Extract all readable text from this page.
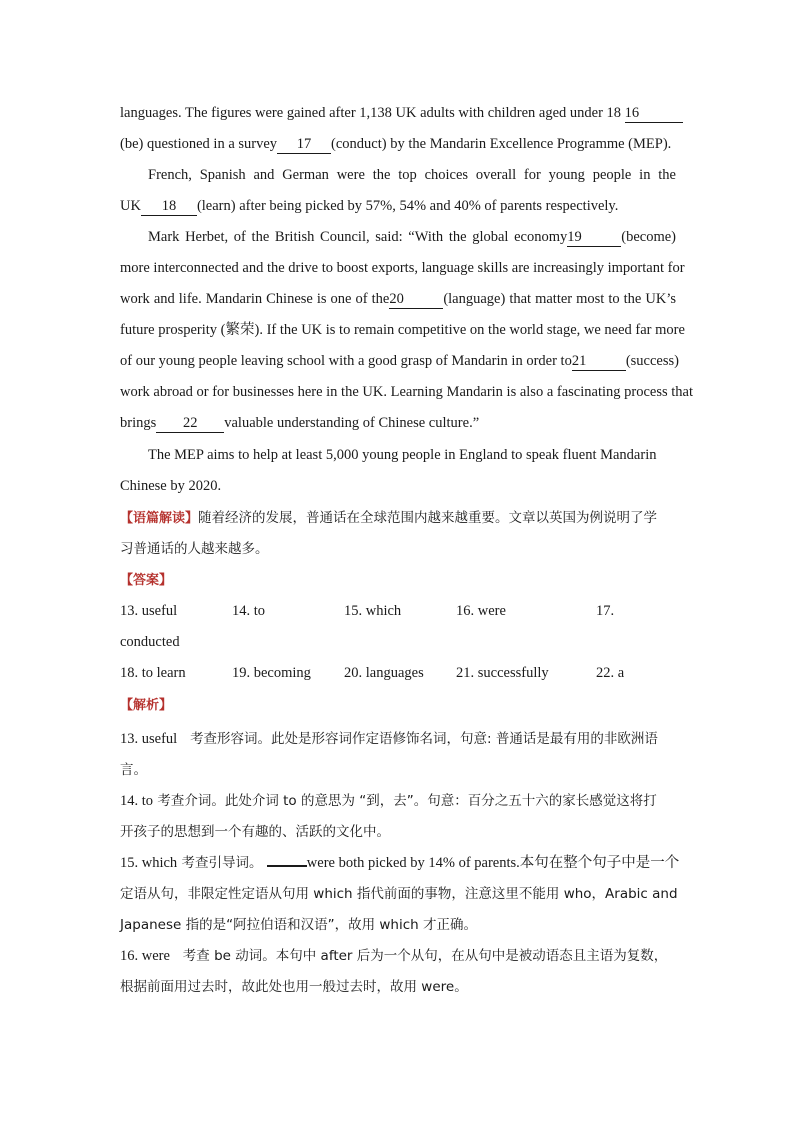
languages. The figures were gained after 1,138 UK adults with children aged under 18 16
(be) questioned in a survey 17 (conduct) by the Mandarin Excellence Programme (MEP).
French, Spanish and German were the top choices overall for young people in the
UK 18 (learn) after being picked by 57%, 54% and 40% of parents respectively.
Mark Herbet, of the British Council, said: “With the global economy19	(become)
more interconnected and the drive to boost exports, language skills are increasingly important for
work and life. Mandarin Chinese is one of the20	(language) that matter most to the UK’s
future prosperity (繁荣). If the UK is to remain competitive on the world stage, we need far more
of our young people leaving school with a good grasp of Mandarin in order to21	(success)
work abroad or for businesses here in the UK. Learning Mandarin is also a fascinating process that
brings 22 valuable understanding of Chinese culture.”
The MEP aims to help at least 5,000 young people in England to speak fluent Mandarin
Chinese by 2020.
【语篇解读】随着经济的发展，普通话在全球范围内越来越重要。文章以英国为例说明了学
习普通话的人越来越多。
【答案】
13. useful	14. to	15. which	16. were	17.
conducted
18. to learn	19. becoming 20. languages 21. successfully	22. a
【解析】
13. useful 考查形容词。此处是形容词作定语修饰名词，句意: 普通话是最有用的非欧洲语
言。
14. to 考查介词。此处介词 to 的意思为 “到，去”。句意：百分之五十六的家长感觉这将打
开孩子的思想到一个有趣的、活跃的文化中。
15. which 考查引导词。	were both picked by 14% of parents.本句在整个句子中是一个
定语从句，非限定性定语从句用 which 指代前面的事物，注意这里不能用 who，Arabic and
Japanese 指的是“阿拉伯语和汉语”，故用 which 才正确。
16. were 考查 be 动词。本句中 after 后为一个从句，在从句中是被动语态且主语为复数，
根据前面用过去时，故此处也用一般过去时，故用 were。
